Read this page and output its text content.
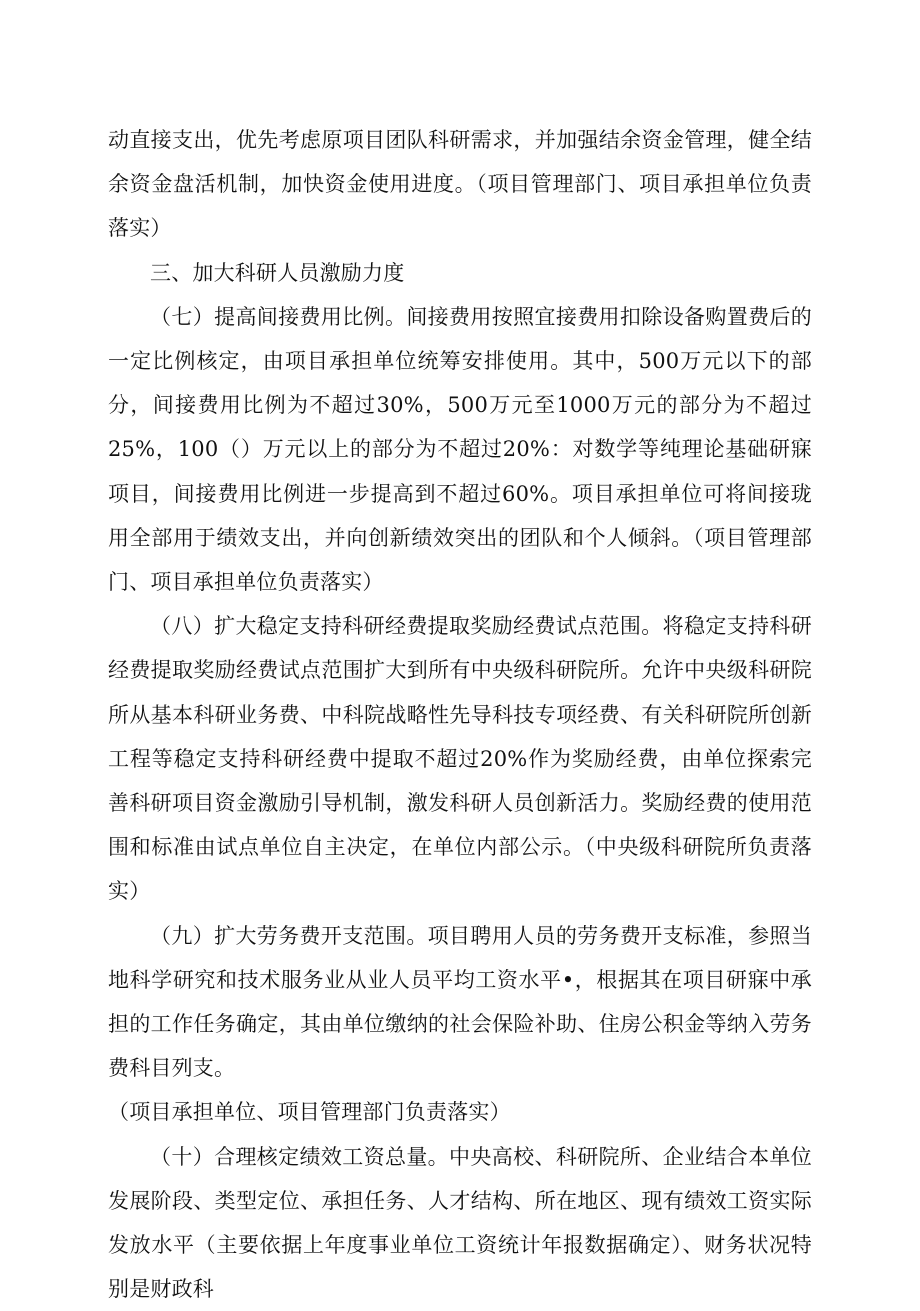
动直接支出，优先考虑原项目团队科研需求，并加强结余资金管理，健全结余资金盘活机制，加快资金使用进度。（项目管理部门、项目承担单位负责落实）

三、加大科研人员激励力度

（七）提高间接费用比例。间接费用按照宜接费用扣除设备购置费后的一定比例核定，由项目承担单位统筹安排使用。其中，500万元以下的部分，间接费用比例为不超过30%，500万元至1000万元的部分为不超过25%，100（）万元以上的部分为不超过20%：对数学等纯理论基础研寐项目，间接费用比例进一步提高到不超过60%。项目承担单位可将间接珑用全部用于绩效支出，并向创新绩效突出的团队和个人倾斜。（项目管理部门、项目承担单位负责落实）

（八）扩大稳定支持科研经费提取奖励经费试点范围。将稳定支持科研经费提取奖励经费试点范围扩大到所有中央级科研院所。允许中央级科研院所从基本科研业务费、中科院战略性先导科技专项经费、有关科研院所创新工程等稳定支持科研经费中提取不超过20%作为奖励经费，由单位探索完善科研项目资金激励引导机制，激发科研人员创新活力。奖励经费的使用范围和标准由试点单位自主决定，在单位内部公示。（中央级科研院所负责落实）

（九）扩大劳务费开支范围。项目聘用人员的劳务费开支标准，参照当地科学研究和技术服务业从业人员平均工资水平•，根据其在项目研寐中承担的工作任务确定，其由单位缴纳的社会保险补助、住房公积金等纳入劳务费科目列支。

（项目承担单位、项目管理部门负责落实）

（十）合理核定绩效工资总量。中央高校、科研院所、企业结合本单位发展阶段、类型定位、承担任务、人才结构、所在地区、现有绩效工资实际发放水平（主要依据上年度事业单位工资统计年报数据确定）、财务状况特别是财政科
